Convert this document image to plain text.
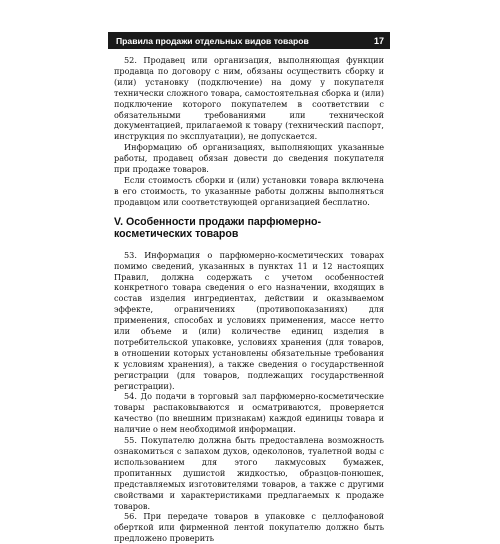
Правила продажи отдельных видов товаров	17

52. Продавец или организация, выполняющая функции продавца по договору с ним, обязаны осуществить сборку и (или) установку (подключение) на дому у покупателя технически сложного товара, самостоятельная сборка и (или) подключение которого покупателем в соответствии с обязательными требованиями или технической документацией, прилагаемой к товару (технический паспорт, инструкция по эксплуатации), не допускается.

Информацию об организациях, выполняющих указанные работы, продавец обязан довести до сведения покупателя при продаже товаров.

Если стоимость сборки и (или) установки товара включена в его стоимость, то указанные работы должны выполняться продавцом или соответствующей организацией бесплатно.

V. Особенности продажи парфюмерно-косметических товаров

53. Информация о парфюмерно-косметических товарах помимо сведений, указанных в пунктах 11 и 12 настоящих Правил, должна содержать с учетом особенностей конкретного товара сведения о его назначении, входящих в состав изделия ингредиентах, действии и оказываемом эффекте, ограничениях (противопоказаниях) для применения, способах и условиях применения, массе нетто или объеме и (или) количестве единиц изделия в потребительской упаковке, условиях хранения (для товаров, в отношении которых установлены обязательные требования к условиям хранения), а также сведения о государственной регистрации (для товаров, подлежащих государственной регистрации).

54. До подачи в торговый зал парфюмерно-косметические товары распаковываются и осматриваются, проверяется качество (по внешним признакам) каждой единицы товара и наличие о нем необходимой информации.

55. Покупателю должна быть предоставлена возможность ознакомиться с запахом духов, одеколонов, туалетной воды с использованием для этого лакмусовых бумажек, пропитанных душистой жидкостью, образцов-понюшек, представляемых изготовителями товаров, а также с другими свойствами и характеристиками предлагаемых к продаже товаров.

56. При передаче товаров в упаковке с целлофановой оберткой или фирменной лентой покупателю должно быть предложено проверить
